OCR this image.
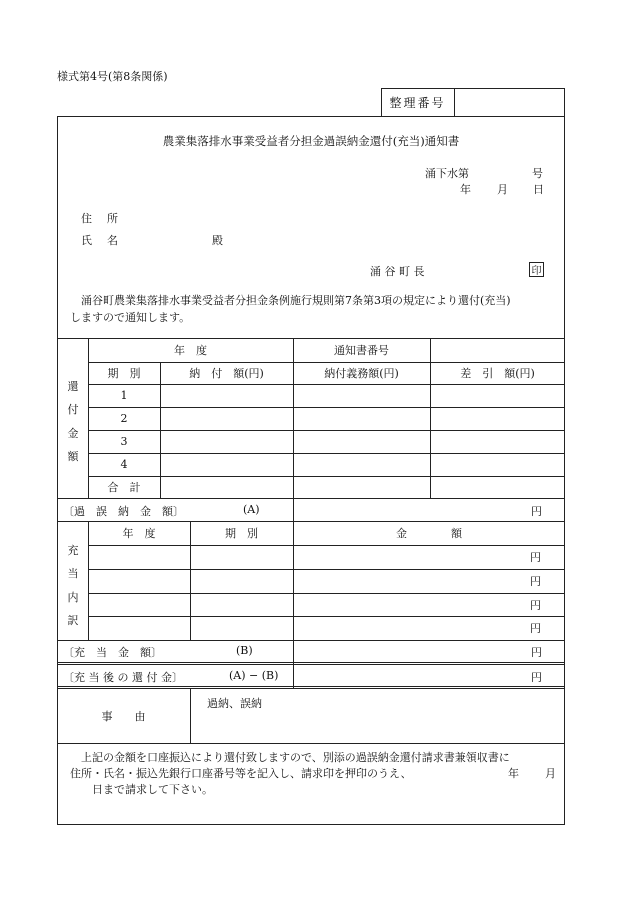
様式第4号(第8条関係)
整理番号
農業集落排水事業受益者分担金過誤納金還付(充当)通知書
涌下水第	号
年 月 日
住　所
氏　名	殿
涌 谷 町 長	印
涌谷町農業集落排水事業受益者分担金条例施行規則第7条第3項の規定により還付(充当)
しますので通知します。
還
付
金
額
年　度	通知書番号
期　別	納　付　額(円)	納付義務額(円)	差　引　額(円)
1
2
3
4
合　計
〔過　誤　納　金　額〕	(A)	円
充
当
内
訳
年　度	期　別	金　　　　額
円
円
円
円
〔充　当　金　額〕	(B)	円
〔充 当 後 の 還 付 金〕	(A) − (B)	円
事　　由
過納、誤納
上記の金額を口座振込により還付致しますので、別添の過誤納金還付請求書兼領収書に
住所・氏名・振込先銀行口座番号等を記入し、請求印を押印のうえ、	年 月
日まで請求して下さい。
